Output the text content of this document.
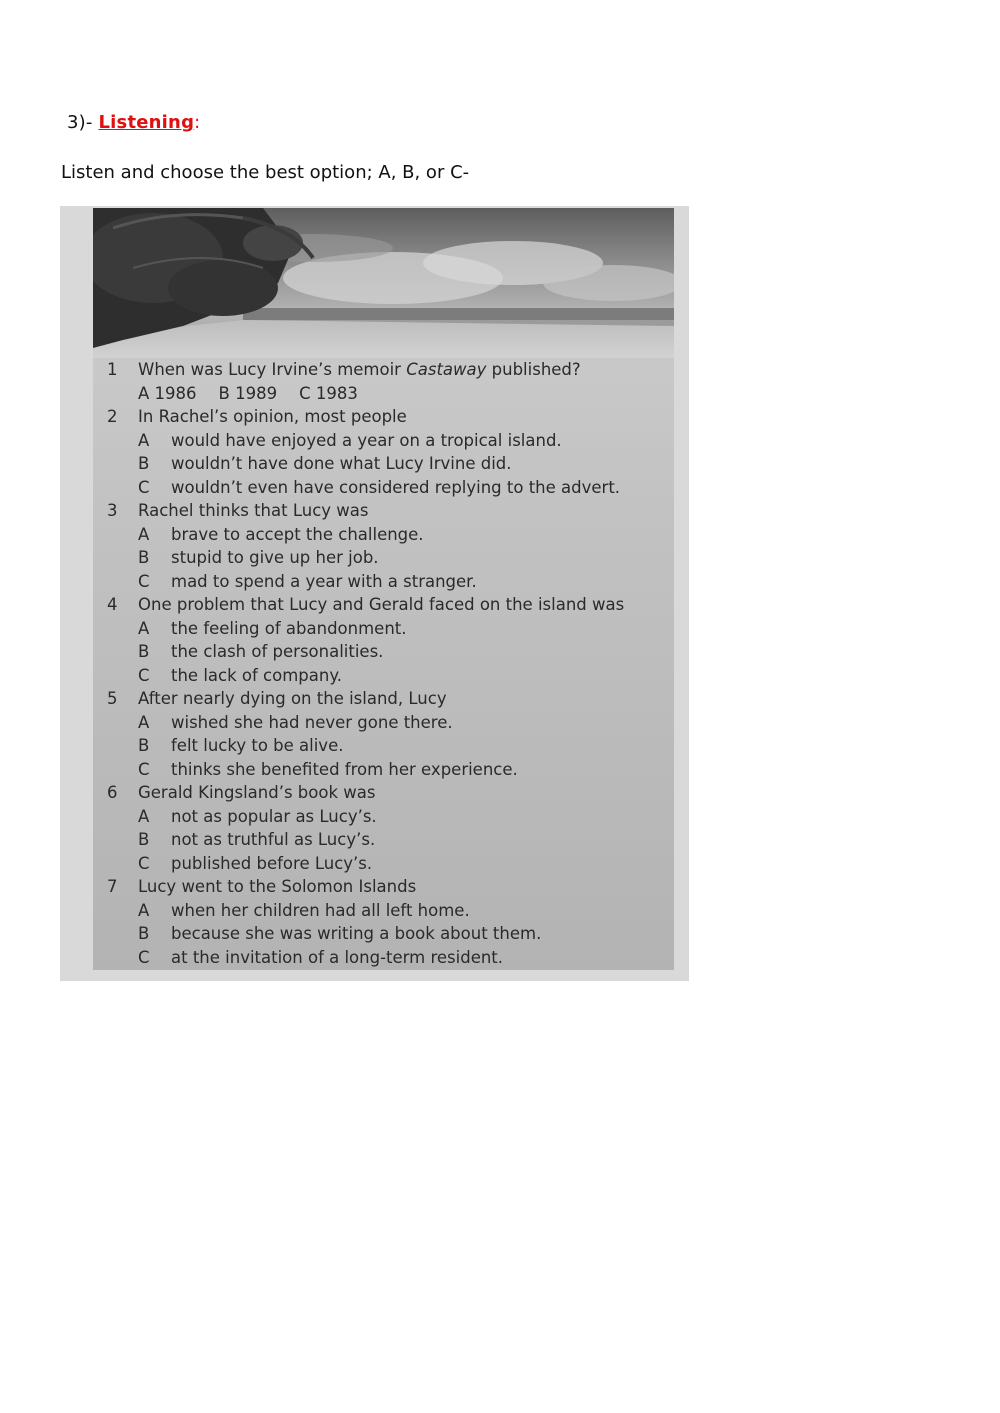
3)- Listening:
Listen and choose the best option; A, B, or C-
1	When was Lucy Irvine’s memoir Castaway published?
A 1986 B 1989 C 1983
2	In Rachel’s opinion, most people
A	would have enjoyed a year on a tropical island.
B	wouldn’t have done what Lucy Irvine did.
C	wouldn’t even have considered replying to the advert.
3	Rachel thinks that Lucy was
A	brave to accept the challenge.
B	stupid to give up her job.
C	mad to spend a year with a stranger.
4	One problem that Lucy and Gerald faced on the island was
A	the feeling of abandonment.
B	the clash of personalities.
C	the lack of company.
5	After nearly dying on the island, Lucy
A	wished she had never gone there.
B	felt lucky to be alive.
C	thinks she benefited from her experience.
6	Gerald Kingsland’s book was
A	not as popular as Lucy’s.
B	not as truthful as Lucy’s.
C	published before Lucy’s.
7	Lucy went to the Solomon Islands
A	when her children had all left home.
B	because she was writing a book about them.
C	at the invitation of a long-term resident.
